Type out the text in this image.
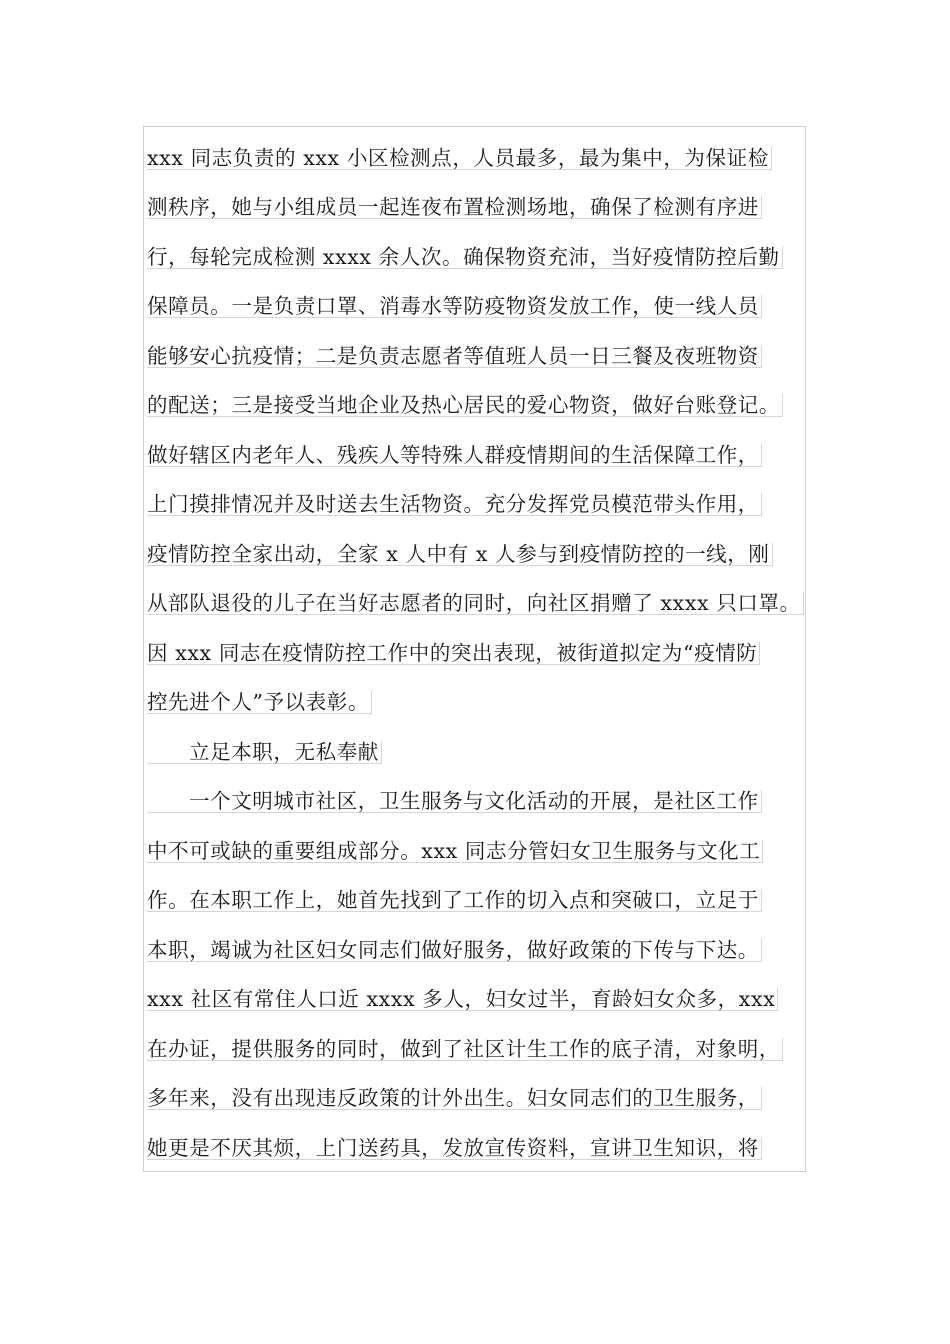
xxx 同志负责的 xxx 小区检测点，人员最多，最为集中，为保证检
测秩序，她与小组成员一起连夜布置检测场地，确保了检测有序进
行，每轮完成检测 xxxx 余人次。确保物资充沛，当好疫情防控后勤
保障员。一是负责口罩、消毒水等防疫物资发放工作，使一线人员
能够安心抗疫情；二是负责志愿者等值班人员一日三餐及夜班物资
的配送；三是接受当地企业及热心居民的爱心物资，做好台账登记。
做好辖区内老年人、残疾人等特殊人群疫情期间的生活保障工作，
上门摸排情况并及时送去生活物资。充分发挥党员模范带头作用，
疫情防控全家出动，全家 x 人中有 x 人参与到疫情防控的一线，刚
从部队退役的儿子在当好志愿者的同时，向社区捐赠了 xxxx 只口罩。
因 xxx 同志在疫情防控工作中的突出表现，被街道拟定为“疫情防
控先进个人”予以表彰。
立足本职，无私奉献
一个文明城市社区，卫生服务与文化活动的开展，是社区工作
中不可或缺的重要组成部分。xxx 同志分管妇女卫生服务与文化工
作。在本职工作上，她首先找到了工作的切入点和突破口，立足于
本职，竭诚为社区妇女同志们做好服务，做好政策的下传与下达。
xxx 社区有常住人口近 xxxx 多人，妇女过半，育龄妇女众多，xxx
在办证，提供服务的同时，做到了社区计生工作的底子清，对象明，
多年来，没有出现违反政策的计外出生。妇女同志们的卫生服务，
她更是不厌其烦，上门送药具，发放宣传资料，宣讲卫生知识，将
